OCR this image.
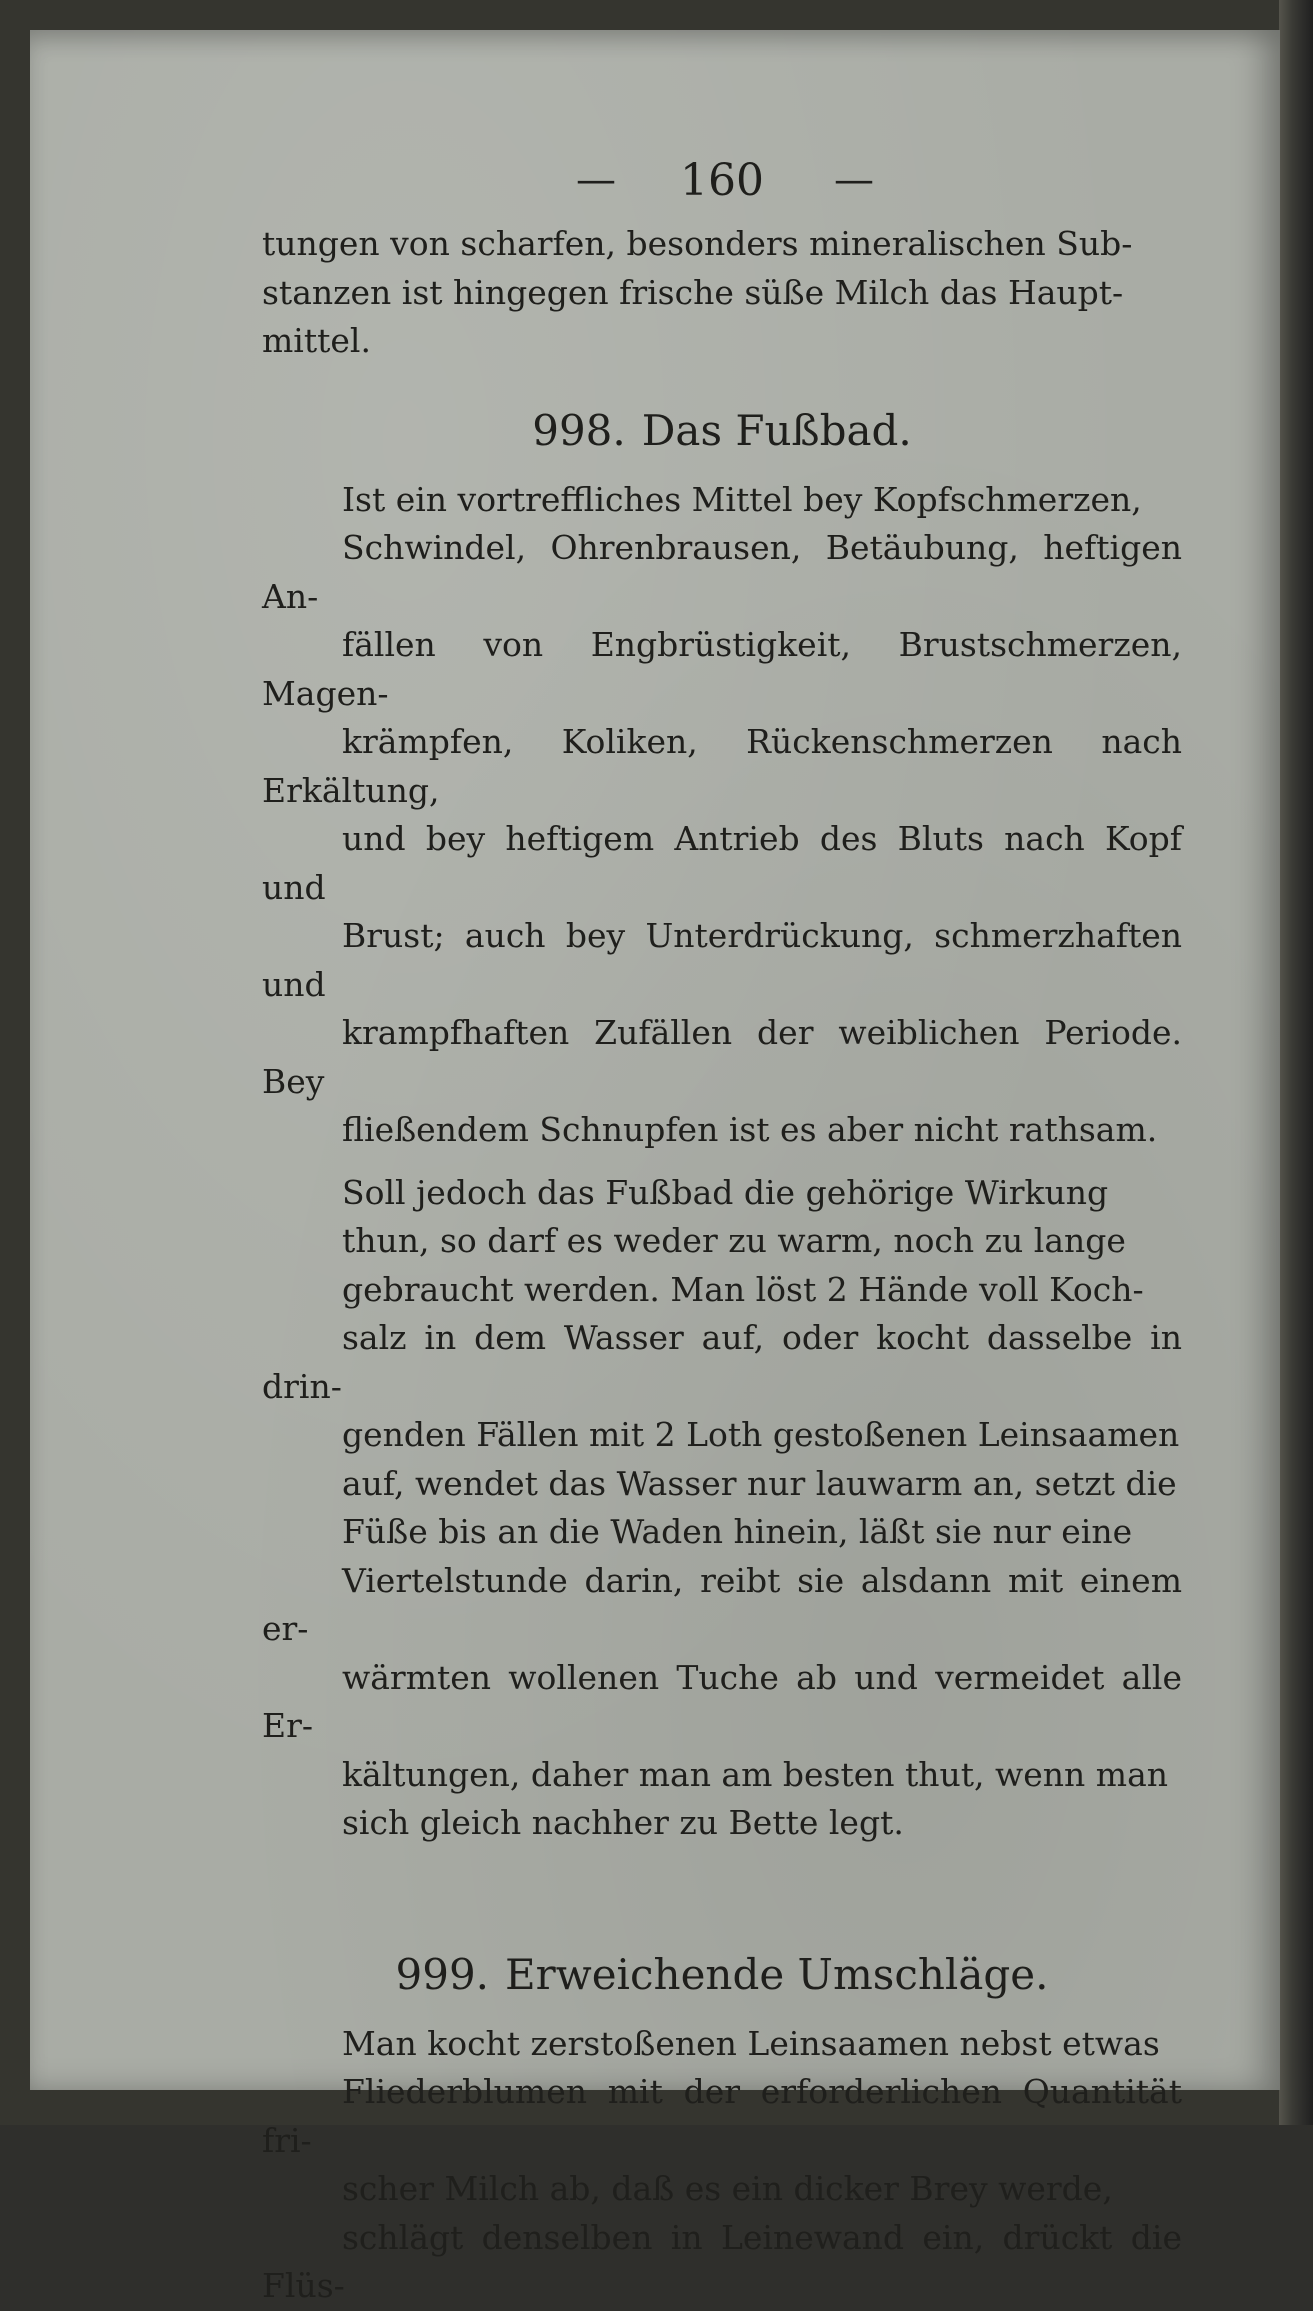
— 160 —

tungen von scharfen, besonders mineralischen Sub-
stanzen ist hingegen frische süße Milch das Haupt-
mittel.

998. Das Fußbad.

Ist ein vortreffliches Mittel bey Kopfschmerzen,
Schwindel, Ohrenbrausen, Betäubung, heftigen An-
fällen von Engbrüstigkeit, Brustschmerzen, Magen-
krämpfen, Koliken, Rückenschmerzen nach Erkältung,
und bey heftigem Antrieb des Bluts nach Kopf und
Brust; auch bey Unterdrückung, schmerzhaften und
krampfhaften Zufällen der weiblichen Periode. Bey
fließendem Schnupfen ist es aber nicht rathsam.

Soll jedoch das Fußbad die gehörige Wirkung
thun, so darf es weder zu warm, noch zu lange
gebraucht werden. Man löst 2 Hände voll Koch-
salz in dem Wasser auf, oder kocht dasselbe in drin-
genden Fällen mit 2 Loth gestoßenen Leinsaamen
auf, wendet das Wasser nur lauwarm an, setzt die
Füße bis an die Waden hinein, läßt sie nur eine
Viertelstunde darin, reibt sie alsdann mit einem er-
wärmten wollenen Tuche ab und vermeidet alle Er-
kältungen, daher man am besten thut, wenn man
sich gleich nachher zu Bette legt.

999. Erweichende Umschläge.

Man kocht zerstoßenen Leinsaamen nebst etwas
Fliederblumen mit der erforderlichen Quantität fri-
scher Milch ab, daß es ein dicker Brey werde,
schlägt denselben in Leinewand ein, drückt die Flüs-
